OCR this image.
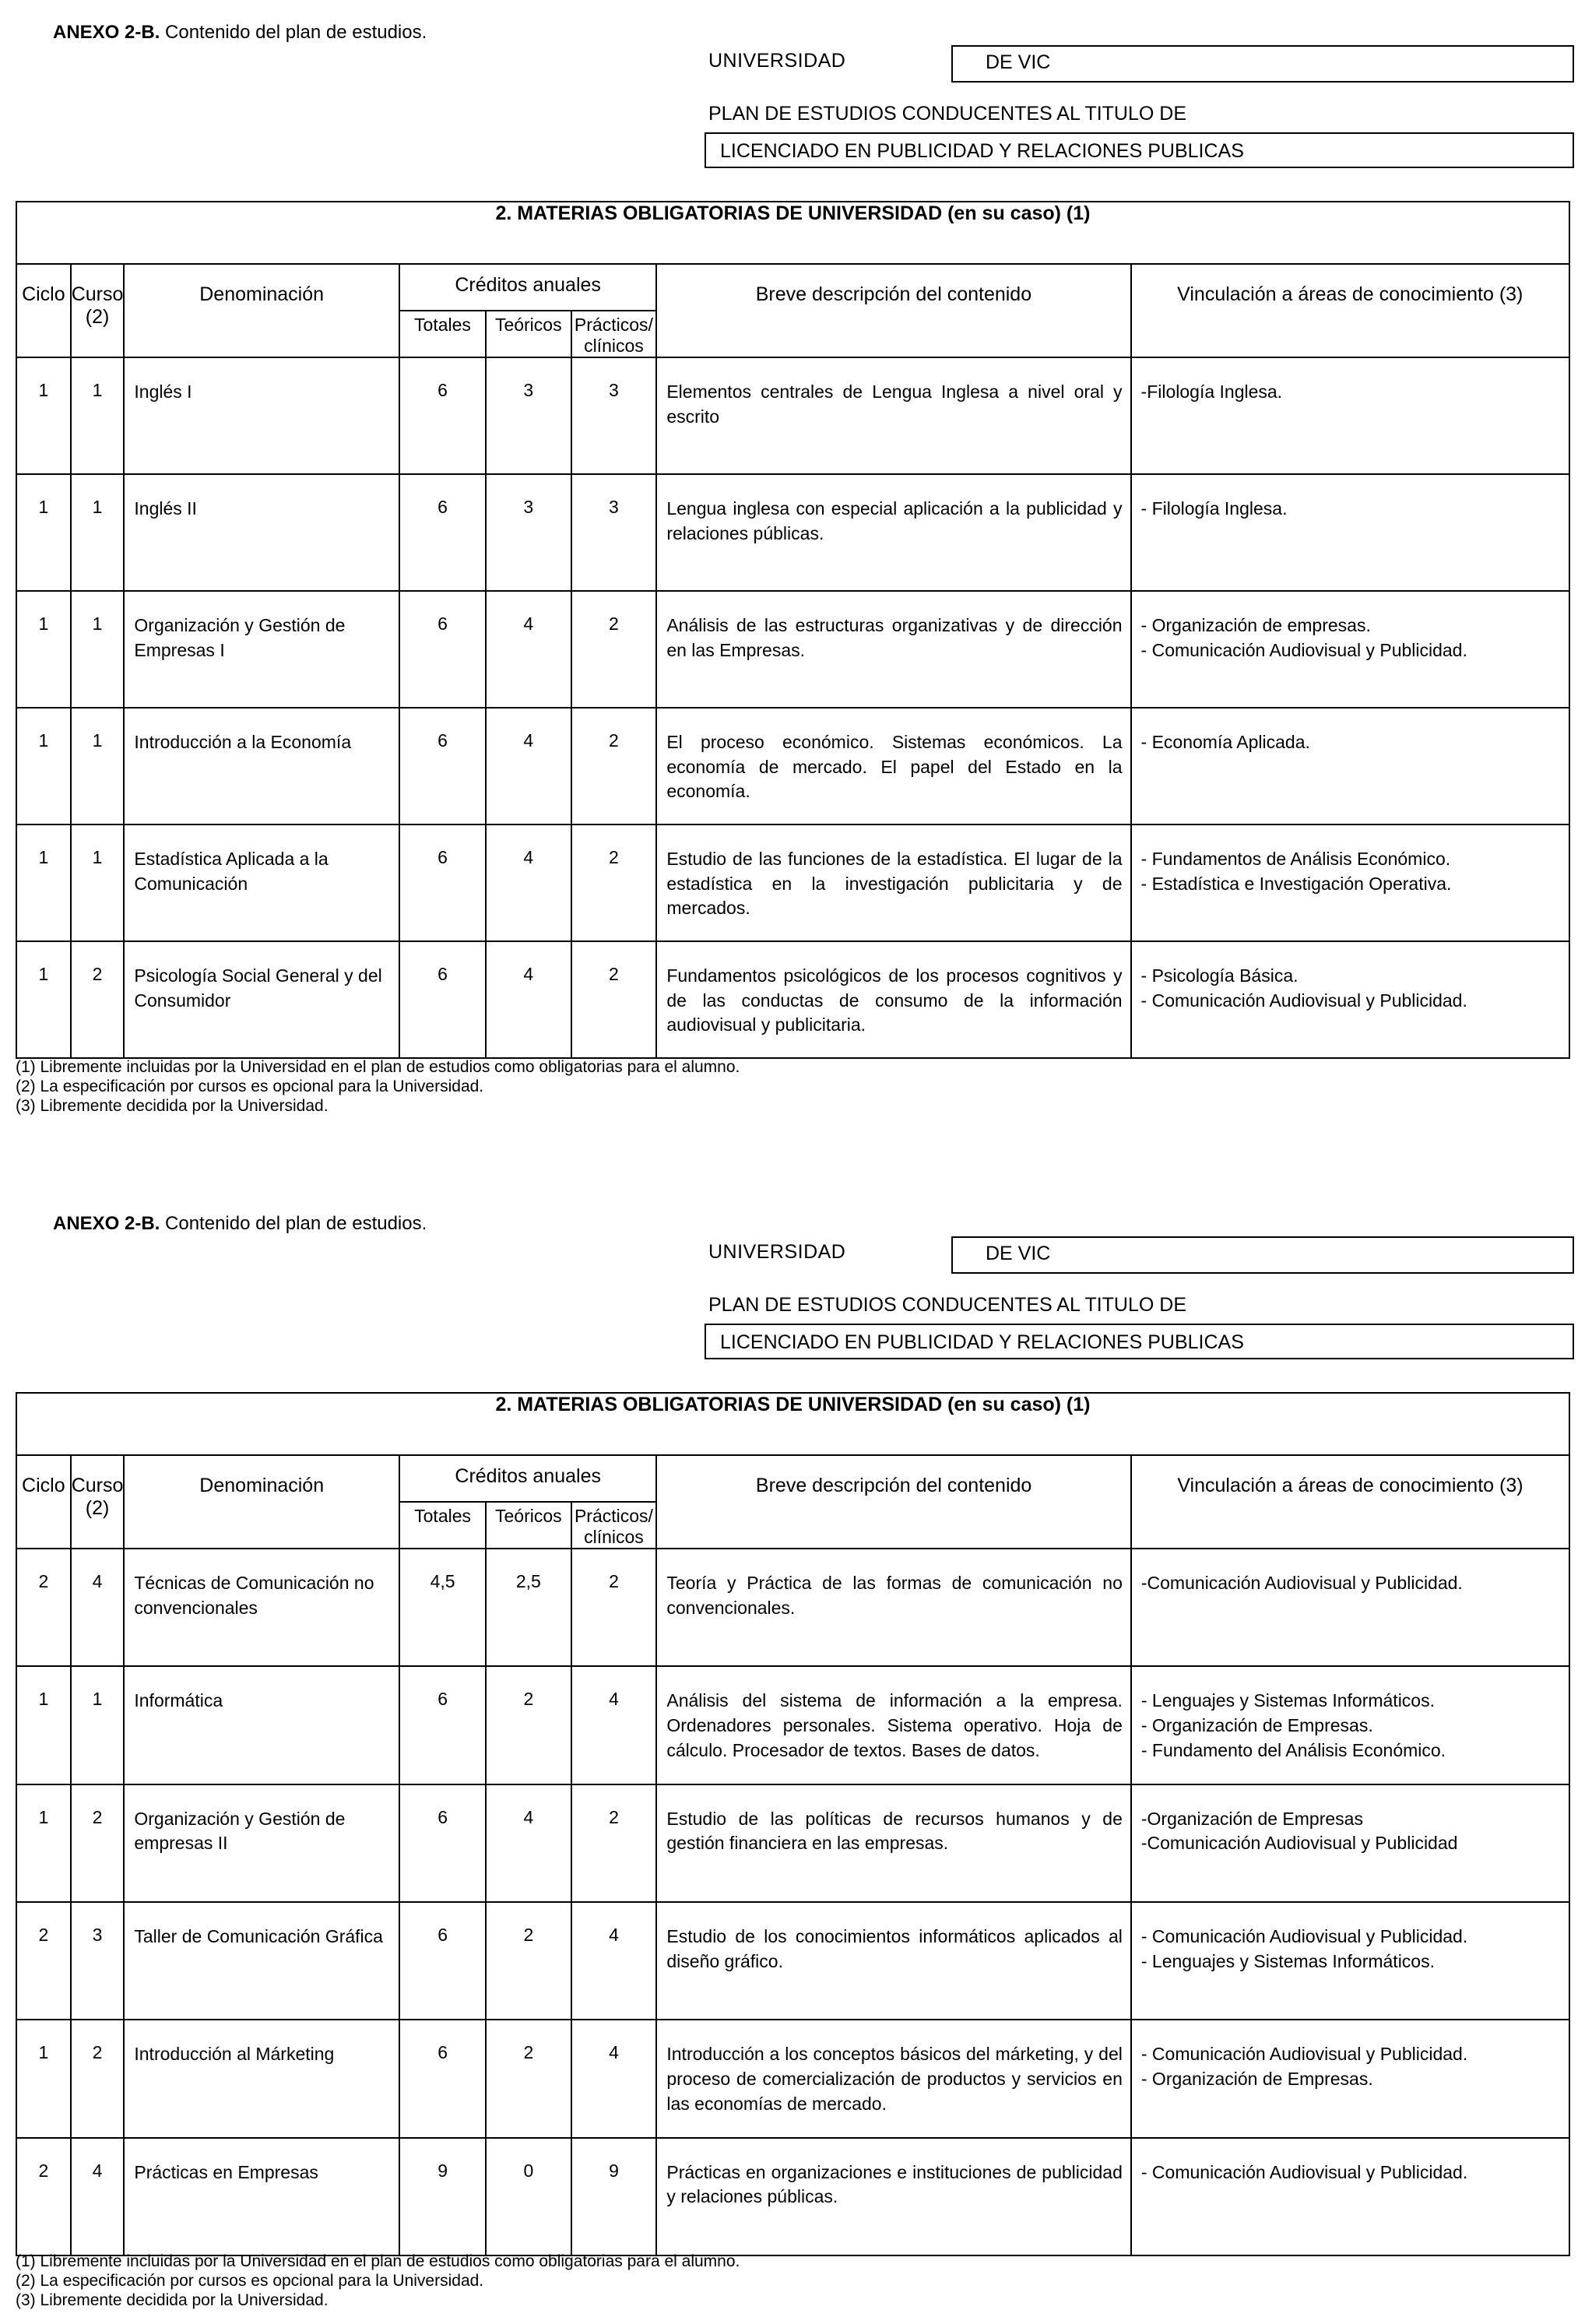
ANEXO 2-B. Contenido del plan de estudios.
UNIVERSIDAD	DE VIC
PLAN DE ESTUDIOS CONDUCENTES AL TITULO DE
LICENCIADO EN PUBLICIDAD Y RELACIONES PUBLICAS
2. MATERIAS OBLIGATORIAS DE UNIVERSIDAD (en su caso) (1)							
Ciclo	Curso (2)	Denominación	Créditos anuales			Breve descripción del contenido	Vinculación a áreas de conocimiento (3)
			Totales	Teóricos	Prácticos/ clínicos		
1	1	Inglés I	6	3	3	Elementos centrales de Lengua Inglesa a nivel oral y escrito	-Filología Inglesa.
1	1	Inglés II	6	3	3	Lengua inglesa con especial aplicación a la publicidad y relaciones públicas.	- Filología Inglesa.
1	1	Organización y Gestión de Empresas I	6	4	2	Análisis de las estructuras organizativas y de dirección en las Empresas.	- Organización de empresas.
- Comunicación Audiovisual y Publicidad.
1	1	Introducción a la Economía	6	4	2	El proceso económico. Sistemas económicos. La economía de mercado. El papel del Estado en la economía.	- Economía Aplicada.
1	1	Estadística Aplicada a la Comunicación	6	4	2	Estudio de las funciones de la estadística. El lugar de la estadística en la investigación publicitaria y de mercados.	- Fundamentos de Análisis Económico.
- Estadística e Investigación Operativa.
1	2	Psicología Social General y del Consumidor	6	4	2	Fundamentos psicológicos de los procesos cognitivos y de las conductas de consumo de la información audiovisual y publicitaria.	- Psicología Básica.
- Comunicación Audiovisual y Publicidad.
(1) Libremente incluidas por la Universidad en el plan de estudios como obligatorias para el alumno.
(2) La especificación por cursos es opcional para la Universidad.
(3) Libremente decidida por la Universidad.
ANEXO 2-B. Contenido del plan de estudios.
UNIVERSIDAD	DE VIC
PLAN DE ESTUDIOS CONDUCENTES AL TITULO DE
LICENCIADO EN PUBLICIDAD Y RELACIONES PUBLICAS
2. MATERIAS OBLIGATORIAS DE UNIVERSIDAD (en su caso) (1)							
Ciclo	Curso (2)	Denominación	Créditos anuales			Breve descripción del contenido	Vinculación a áreas de conocimiento (3)
			Totales	Teóricos	Prácticos/ clínicos		
2	4	Técnicas de Comunicación no convencionales	4,5	2,5	2	Teoría y Práctica de las formas de comunicación no convencionales.	-Comunicación Audiovisual y Publicidad.
1	1	Informática	6	2	4	Análisis del sistema de información a la empresa. Ordenadores personales. Sistema operativo. Hoja de cálculo. Procesador de textos. Bases de datos.	- Lenguajes y Sistemas Informáticos.
- Organización de Empresas.
- Fundamento del Análisis Económico.
1	2	Organización y Gestión de empresas II	6	4	2	Estudio de las políticas de recursos humanos y de gestión financiera en las empresas.	-Organización de Empresas
-Comunicación Audiovisual y Publicidad
2	3	Taller de Comunicación Gráfica	6	2	4	Estudio de los conocimientos informáticos aplicados al diseño gráfico.	- Comunicación Audiovisual y Publicidad.
- Lenguajes y Sistemas Informáticos.
1	2	Introducción al Márketing	6	2	4	Introducción a los conceptos básicos del márketing, y del proceso de comercialización de productos y servicios en las economías de mercado.	- Comunicación Audiovisual y Publicidad.
- Organización de Empresas.
2	4	Prácticas en Empresas	9	0	9	Prácticas en organizaciones e instituciones de publicidad y relaciones públicas.	- Comunicación Audiovisual y Publicidad.
(1) Libremente incluidas por la Universidad en el plan de estudios como obligatorias para el alumno.
(2) La especificación por cursos es opcional para la Universidad.
(3) Libremente decidida por la Universidad.
